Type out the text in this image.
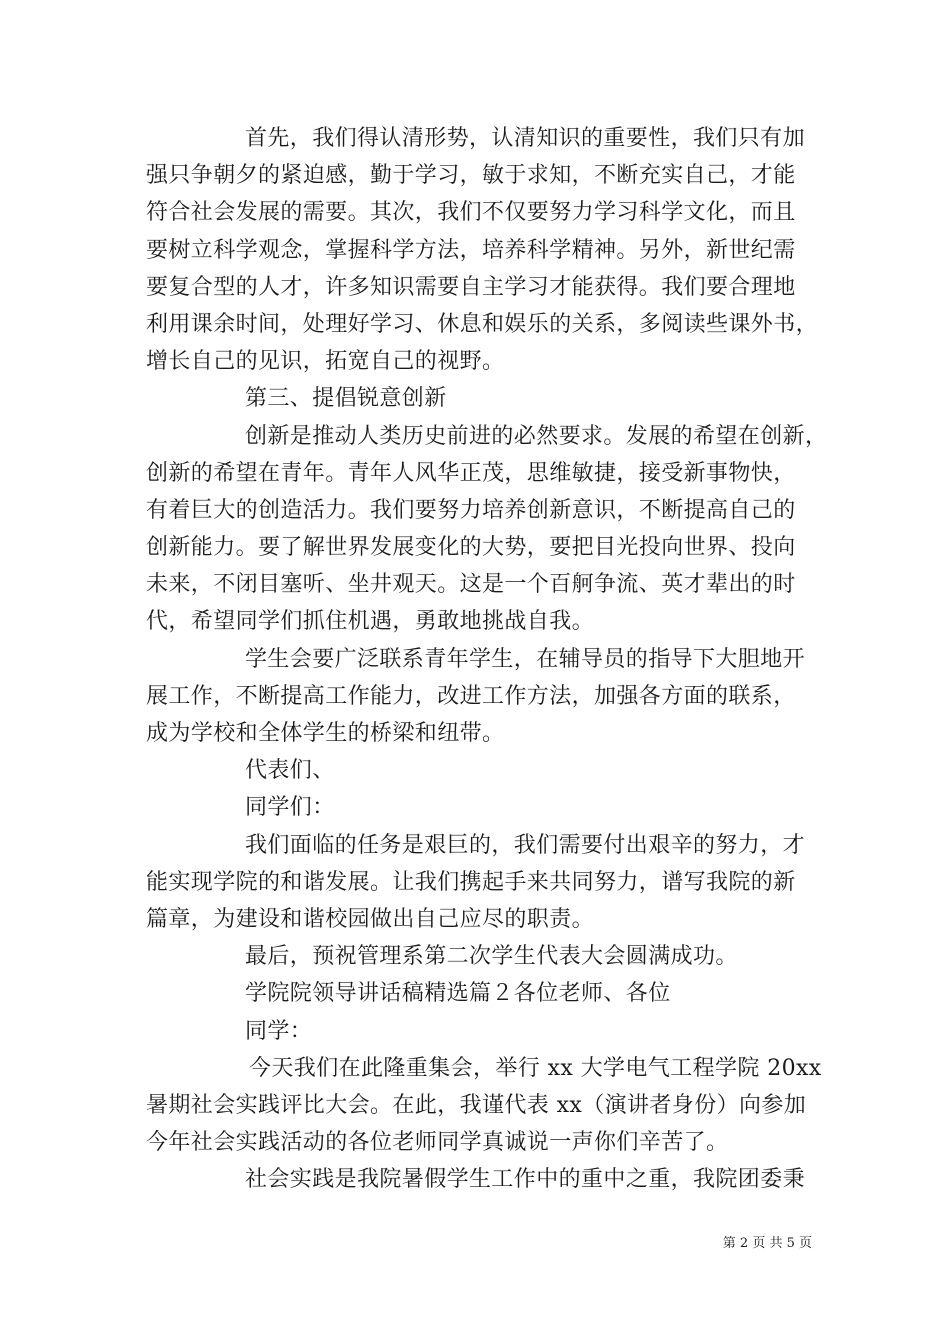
首先，我们得认清形势，认清知识的重要性，我们只有加
强只争朝夕的紧迫感，勤于学习，敏于求知，不断充实自己，才能
符合社会发展的需要。其次，我们不仅要努力学习科学文化，而且
要树立科学观念，掌握科学方法，培养科学精神。另外，新世纪需
要复合型的人才，许多知识需要自主学习才能获得。我们要合理地
利用课余时间，处理好学习、休息和娱乐的关系，多阅读些课外书，
增长自己的见识，拓宽自己的视野。
第三、提倡锐意创新
创新是推动人类历史前进的必然要求。发展的希望在创新，
创新的希望在青年。青年人风华正茂，思维敏捷，接受新事物快，
有着巨大的创造活力。我们要努力培养创新意识，不断提高自己的
创新能力。要了解世界发展变化的大势，要把目光投向世界、投向
未来，不闭目塞听、坐井观天。这是一个百舸争流、英才辈出的时
代，希望同学们抓住机遇，勇敢地挑战自我。
学生会要广泛联系青年学生，在辅导员的指导下大胆地开
展工作，不断提高工作能力，改进工作方法，加强各方面的联系，
成为学校和全体学生的桥梁和纽带。
代表们、
同学们：
我们面临的任务是艰巨的，我们需要付出艰辛的努力，才
能实现学院的和谐发展。让我们携起手来共同努力，谱写我院的新
篇章，为建设和谐校园做出自己应尽的职责。
最后，预祝管理系第二次学生代表大会圆满成功。
学院院领导讲话稿精选篇２各位老师、各位
同学：
今天我们在此隆重集会，举行 xx 大学电气工程学院 20xx
暑期社会实践评比大会。在此，我谨代表 xx（演讲者身份）向参加
今年社会实践活动的各位老师同学真诚说一声你们辛苦了。
社会实践是我院暑假学生工作中的重中之重，我院团委秉
第 2 页 共 5 页
